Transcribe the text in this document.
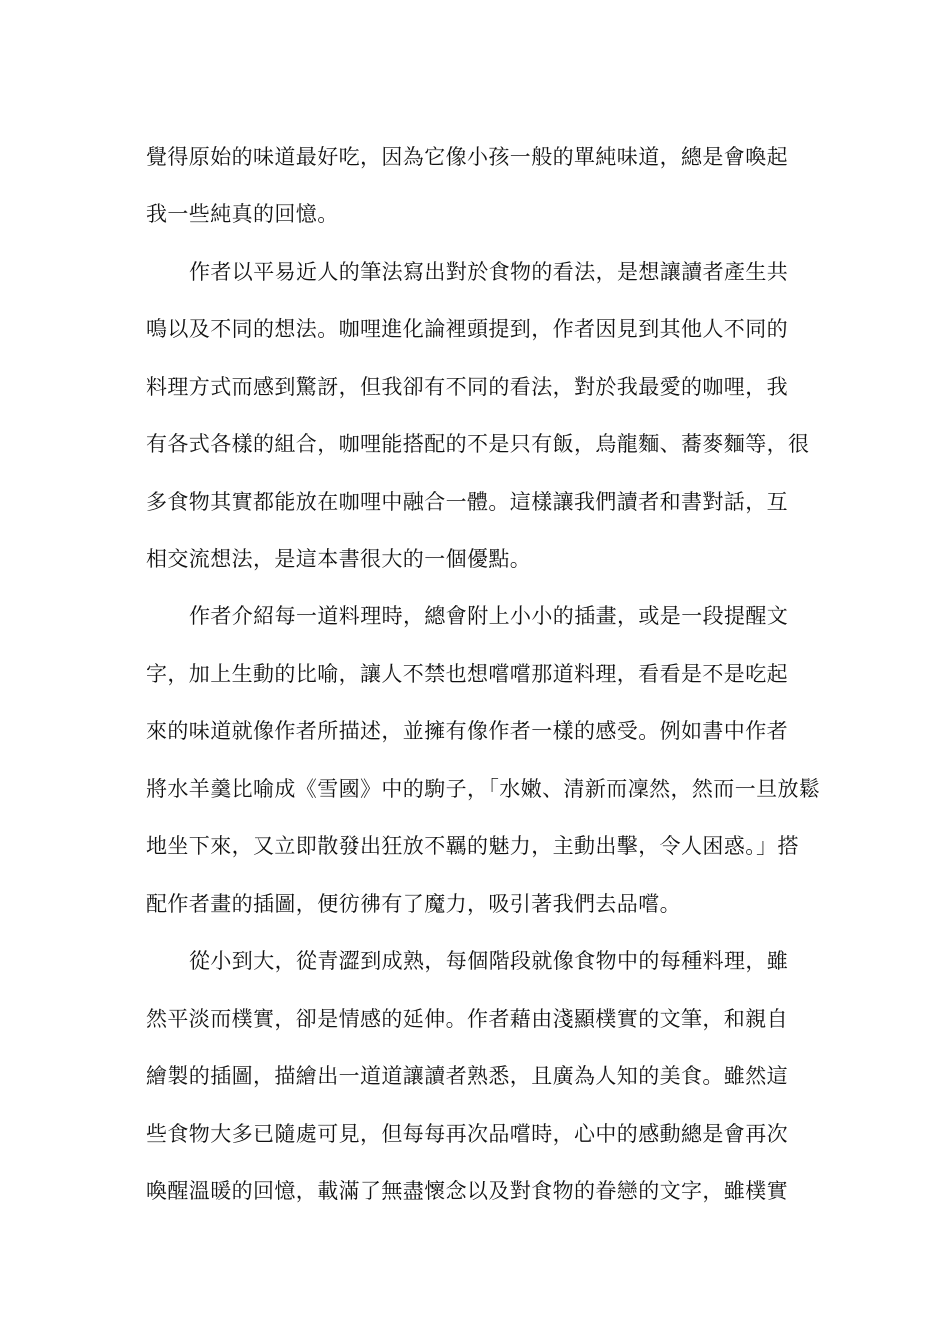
覺得原始的味道最好吃，因為它像小孩一般的單純味道，總是會喚起
我一些純真的回憶。
作者以平易近人的筆法寫出對於食物的看法，是想讓讀者產生共
鳴以及不同的想法。咖哩進化論裡頭提到，作者因見到其他人不同的
料理方式而感到驚訝，但我卻有不同的看法，對於我最愛的咖哩，我
有各式各樣的組合，咖哩能搭配的不是只有飯，烏龍麵、蕎麥麵等，很
多食物其實都能放在咖哩中融合一體。這樣讓我們讀者和書對話，互
相交流想法，是這本書很大的一個優點。
作者介紹每一道料理時，總會附上小小的插畫，或是一段提醒文
字，加上生動的比喻，讓人不禁也想嚐嚐那道料理，看看是不是吃起
來的味道就像作者所描述，並擁有像作者一樣的感受。例如書中作者
將水羊羹比喻成《雪國》中的駒子，「水嫩、清新而凜然，然而一旦放鬆
地坐下來，又立即散發出狂放不羈的魅力，主動出擊，令人困惑。」搭
配作者畫的插圖，便彷彿有了魔力，吸引著我們去品嚐。
從小到大，從青澀到成熟，每個階段就像食物中的每種料理，雖
然平淡而樸實，卻是情感的延伸。作者藉由淺顯樸實的文筆，和親自
繪製的插圖，描繪出一道道讓讀者熟悉，且廣為人知的美食。雖然這
些食物大多已隨處可見，但每每再次品嚐時，心中的感動總是會再次
喚醒溫暖的回憶，載滿了無盡懷念以及對食物的眷戀的文字，雖樸實
